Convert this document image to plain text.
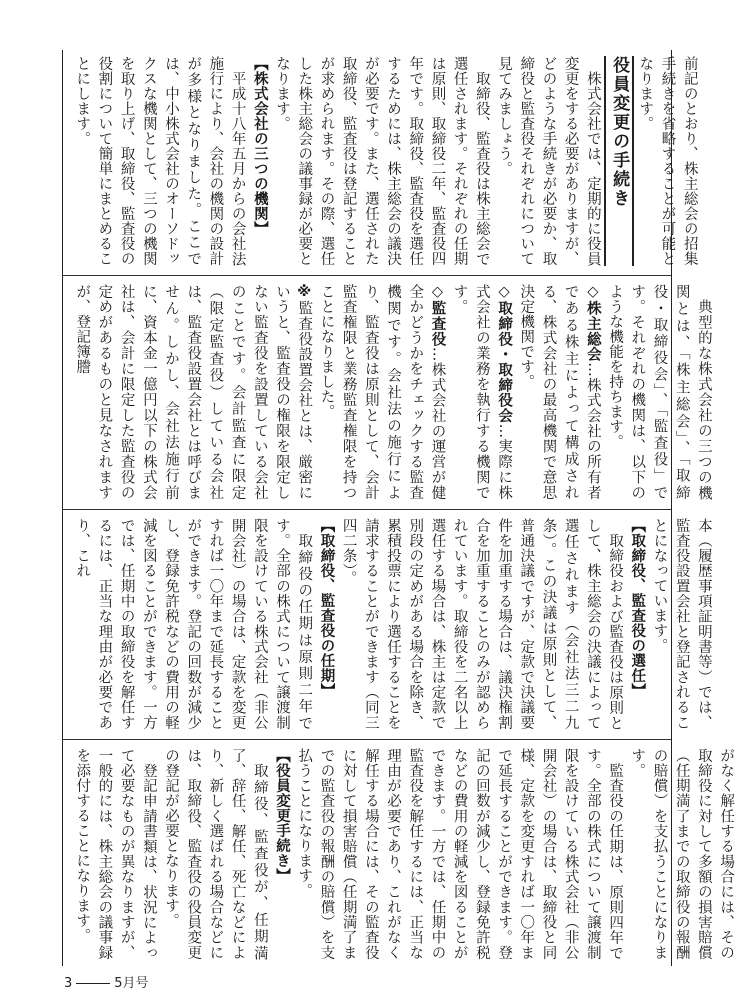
前記のとおり、株主総会の招集手続きを省略することが可能となります。

役員変更の手続き

株式会社では、定期的に役員変更をする必要がありますが、どのような手続きが必要か、取締役と監査役それぞれについて見てみましょう。

取締役、監査役は株主総会で選任されます。それぞれの任期は原則、取締役二年、監査役四年です。取締役、監査役を選任するためには、株主総会の議決が必要です。また、選任された取締役、監査役は登記することが求められます。その際、選任した株主総会の議事録が必要となります。

【株式会社の三つの機関】

平成十八年五月からの会社法施行により、会社の機関の設計が多様となりました。ここでは、中小株式会社のオーソドックスな機関として、三つの機関を取り上げ、取締役、監査役の役割について簡単にまとめることにします。

典型的な株式会社の三つの機関とは、「株主総会」、「取締役・取締役会」、「監査役」です。それぞれの機関は、以下のような機能を持ちます。

◇株主総会…株式会社の所有者である株主によって構成される、株式会社の最高機関で意思決定機関です。

◇取締役・取締役会…実際に株式会社の業務を執行する機関です。

◇監査役…株式会社の運営が健全かどうかをチェックする監査機関です。会社法の施行により、監査役は原則として、会計監査権限と業務監査権限を持つことになりました。

※監査役設置会社とは、厳密にいうと、監査役の権限を限定しない監査役を設置している会社のことです。会計監査に限定（限定監査役）している会社は、監査役設置会社とは呼びません。しかし、会社法施行前に、資本金一億円以下の株式会社は、会計に限定した監査役の定めがあるものと見なされますが、登記簿謄

本（履歴事項証明書等）では、監査役設置会社と登記されることになっています。

【取締役、監査役の選任】

取締役および監査役は原則として、株主総会の決議によって選任されます（会社法三二九条）。この決議は原則として、普通決議ですが、定款で決議要件を加重する場合は、議決権割合を加重することのみが認められています。取締役を二名以上選任する場合は、株主は定款で別段の定めがある場合を除き、累積投票により選任することを請求することができます（同三四二条）。

【取締役、監査役の任期】

取締役の任期は原則二年です。全部の株式について譲渡制限を設けている株式会社（非公開会社）の場合は、定款を変更すれば一〇年まで延長することができます。登記の回数が減少し、登録免許税などの費用の軽減を図ることができます。一方では、任期中の取締役を解任するには、正当な理由が必要であり、これ

がなく解任する場合には、その取締役に対して多額の損害賠償（任期満了までの取締役の報酬の賠償）を支払うことになります。

監査役の任期は、原則四年です。全部の株式について譲渡制限を設けている株式会社（非公開会社）の場合は、取締役と同様、定款を変更すれば一〇年まで延長することができます。登記の回数が減少し、登録免許税などの費用の軽減を図ることができます。一方では、任期中の監査役を解任するには、正当な理由が必要であり、これがなく解任する場合には、その監査役に対して損害賠償（任期満了までの監査役の報酬の賠償）を支払うことになります。

【役員変更手続き】

取締役、監査役が、任期満了、辞任、解任、死亡などにより、新しく選ばれる場合などには、取締役、監査役の役員変更の登記が必要となります。

登記申請書類は、状況によって必要なものが異なりますが、一般的には、株主総会の議事録を添付することになります。

3	5月号
